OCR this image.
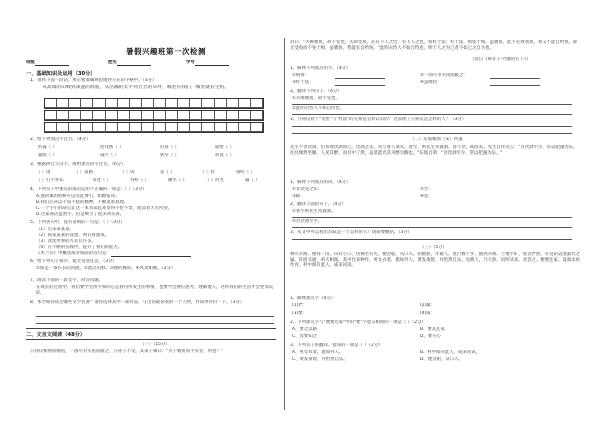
暑假兴趣班第一次检测
班级	姓名	学号
一、基础知识及运用（30分）
1、请将下面一段话，用正楷准确规范地抄写在田字格中。（3分）
从高端的山峰到深邃的海底，从浩瀚的太平到芳芳的草坪，哪里有我们，哪里就有生机。
2、给下列加点字注音。（4分）
忻戚（ ）	屋邦然（ ）	归客（ ）	嵇壁（ ）
舐犊（ ）	镜片（ ）	狭窄（ ）	窈窕（ ）
3、根据拼音写汉字，或给加点的字注音。（6分）
（ ）雨	（ ）道路	（ ）凶	雷（ ）	（ ）衣	狗吠（ ）
（ ）打不亦乐	书卷（ ）	谷粒（ ）	潮水（ ）	（ ）时光	遍（ ）
4、下列句子中加点的成语运用不正确的一项是：（ ）（3分）
A.他讲课的时候可以旁征博引，如数家珍。
B.我们应该以不屈不挠的精神，不断追求真理。
C.一个小小的缺点让这一本书读起来显得不伦不类，使读者大失所望。
D.这家商店虽然小，但是吸引了很多回头客。
5、下列各句中，没有语病的一句是：（ ）（3分）
（1）后来某某某。
（2）按某某某的设想，两日将建成。
（3）改变世界的方式有许多。
（4）在不断的实践中，提升了我们的能力。
《木兰诗》中概述战争场面的诗句是：
6、给下列句子排序，使之语意连贯。（3分）
①那是一条长长的河流。②流过山野。③曲折婉转。④风景如画。（2分）
7、阅读下面的一段文字，回答问题。
在成长的过程中，我们要学会用平和的心态看待所发生的事情，也要学会换位思考，理解他人，这样我们的生活才会更加美好。
8、本学期你读过哪些文学名著？请你选择其中一部作品，写出你最喜欢的一个人物，并简单评价一下。（3分）
二、文言文阅读（48分）
（一）（15分）
公孙仪相鲁而嗜鱼，一国尽争买鱼而献之，公孙子不受。其弟子谏曰："夫子嗜鱼而不受者，何也？"
对曰："夫唯嗜鱼，故不受也。夫即受鱼，必有下人之色；有下人之色，将枉于法；枉于法，则免于相。虽嗜鱼，此不必致我鱼，我又不能自给鱼。即无受鱼而不免于相，虽嗜鱼，我能长自给鱼。"此明夫恃人不如自恃也，明于人之为己者不如己之自为也。
（选自《韩非子·外储说右下》）
1、解释下列加点的字。（4分）
①相鲁：	②一国尽争买鱼而献之：
③枉于法：	④虽嗜鱼：
2、翻译下列句子。（4分）
①夫唯嗜鱼，故不受也。
②此明夫恃人不如自恃也。
3、公孙仪对于"受鱼"与"枉法"的关系是怎样认识的？这表现了公孙仪是怎样的人？（3分）
（二）东坡嗜酒（宋）何薳
先生不善饮酒，但喜欢饮酒而已。饮酒之乐，常与客人谈笑。客至，则先生常置酒，客不饮，或辞去。先生自作诗云："吾饮酒至少，常以把盏为乐，往往颓然坐睡，人见其醉，而吾中了然，盖莫能名其为醉为醒也。"东坡自谓："吾饮酒至少，常以把盏为乐。"
1、解释下列加点的词。（4分）
①非饮先之乐：	②至：
③辄：	④莫：
2、翻译下面的句子。（4分）
①客至则先生常置酒。
②吾饮酒至少。
3、从文中可以看出苏轼是一个怎样的人？请简要概括。（3分）
（三）（5分）
林尽水源，便得一山，山有小口，仿佛若有光。便舍船，从口入。初极狭，才通人。复行数十步，豁然开朗。土地平旷，屋舍俨然，有良田美池桑竹之属。阡陌交通，鸡犬相闻。其中往来种作，男女衣着，悉如外人。黄发垂髫，并怡然自乐。见渔人，乃大惊，问所从来。具答之。便要还家，设酒杀鸡作食。村中闻有此人，咸来问讯。
1、解释加点字（4分）
(1)俨：	(2)属：
(3)要：	(4)咸：
2、下列加点字与"便要还家"中的"要"字意义相同的一项是（ ）（2分）
A、要之以路	B、要其还家
C、汝要知之	D、要小心
3、下列句子的翻译，错误的一项是（ ）（2分）
A、男女衣着，悉如外人。	B、村中闻有此人，咸来问讯。
C、黄发垂髫，并怡然自乐。	D、便舍船，从口入。
